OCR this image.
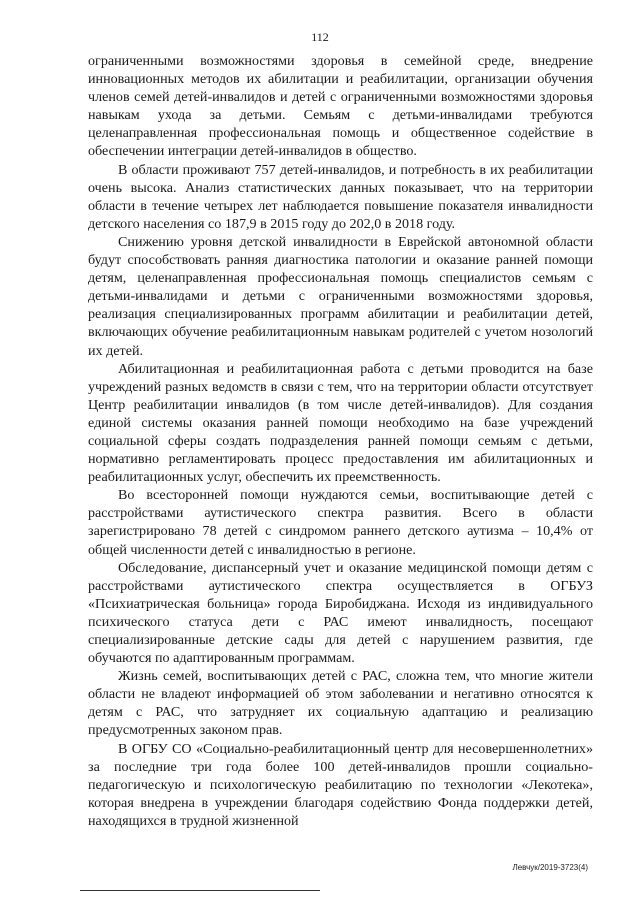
112

ограниченными возможностями здоровья в семейной среде, внедрение инновационных методов их абилитации и реабилитации, организации обучения членов семей детей-инвалидов и детей с ограниченными возможностями здоровья навыкам ухода за детьми. Семьям с детьми-инвалидами требуются целенаправленная профессиональная помощь и общественное содействие в обеспечении интеграции детей-инвалидов в общество.

В области проживают 757 детей-инвалидов, и потребность в их реабилитации очень высока. Анализ статистических данных показывает, что на территории области в течение четырех лет наблюдается повышение показателя инвалидности детского населения со 187,9 в 2015 году до 202,0 в 2018 году.

Снижению уровня детской инвалидности в Еврейской автономной области будут способствовать ранняя диагностика патологии и оказание ранней помощи детям, целенаправленная профессиональная помощь специалистов семьям с детьми-инвалидами и детьми с ограниченными возможностями здоровья, реализация специализированных программ абилитации и реабилитации детей, включающих обучение реабилитационным навыкам родителей с учетом нозологий их детей.

Абилитационная и реабилитационная работа с детьми проводится на базе учреждений разных ведомств в связи с тем, что на территории области отсутствует Центр реабилитации инвалидов (в том числе детей-инвалидов). Для создания единой системы оказания ранней помощи необходимо на базе учреждений социальной сферы создать подразделения ранней помощи семьям с детьми, нормативно регламентировать процесс предоставления им абилитационных и реабилитационных услуг, обеспечить их преемственность.

Во всесторонней помощи нуждаются семьи, воспитывающие детей с расстройствами аутистического спектра развития. Всего в области зарегистрировано 78 детей с синдромом раннего детского аутизма – 10,4% от общей численности детей с инвалидностью в регионе.

Обследование, диспансерный учет и оказание медицинской помощи детям с расстройствами аутистического спектра осуществляется в ОГБУЗ «Психиатрическая больница» города Биробиджана. Исходя из индивидуального психического статуса дети с РАС имеют инвалидность, посещают специализированные детские сады для детей с нарушением развития, где обучаются по адаптированным программам.

Жизнь семей, воспитывающих детей с РАС, сложна тем, что многие жители области не владеют информацией об этом заболевании и негативно относятся к детям с РАС, что затрудняет их социальную адаптацию и реализацию предусмотренных законом прав.

В ОГБУ СО «Социально-реабилитационный центр для несовершеннолетних» за последние три года более 100 детей-инвалидов прошли социально-педагогическую и психологическую реабилитацию по технологии «Лекотека», которая внедрена в учреждении благодаря содействию Фонда поддержки детей, находящихся в трудной жизненной

Левчук/2019-3723(4)
